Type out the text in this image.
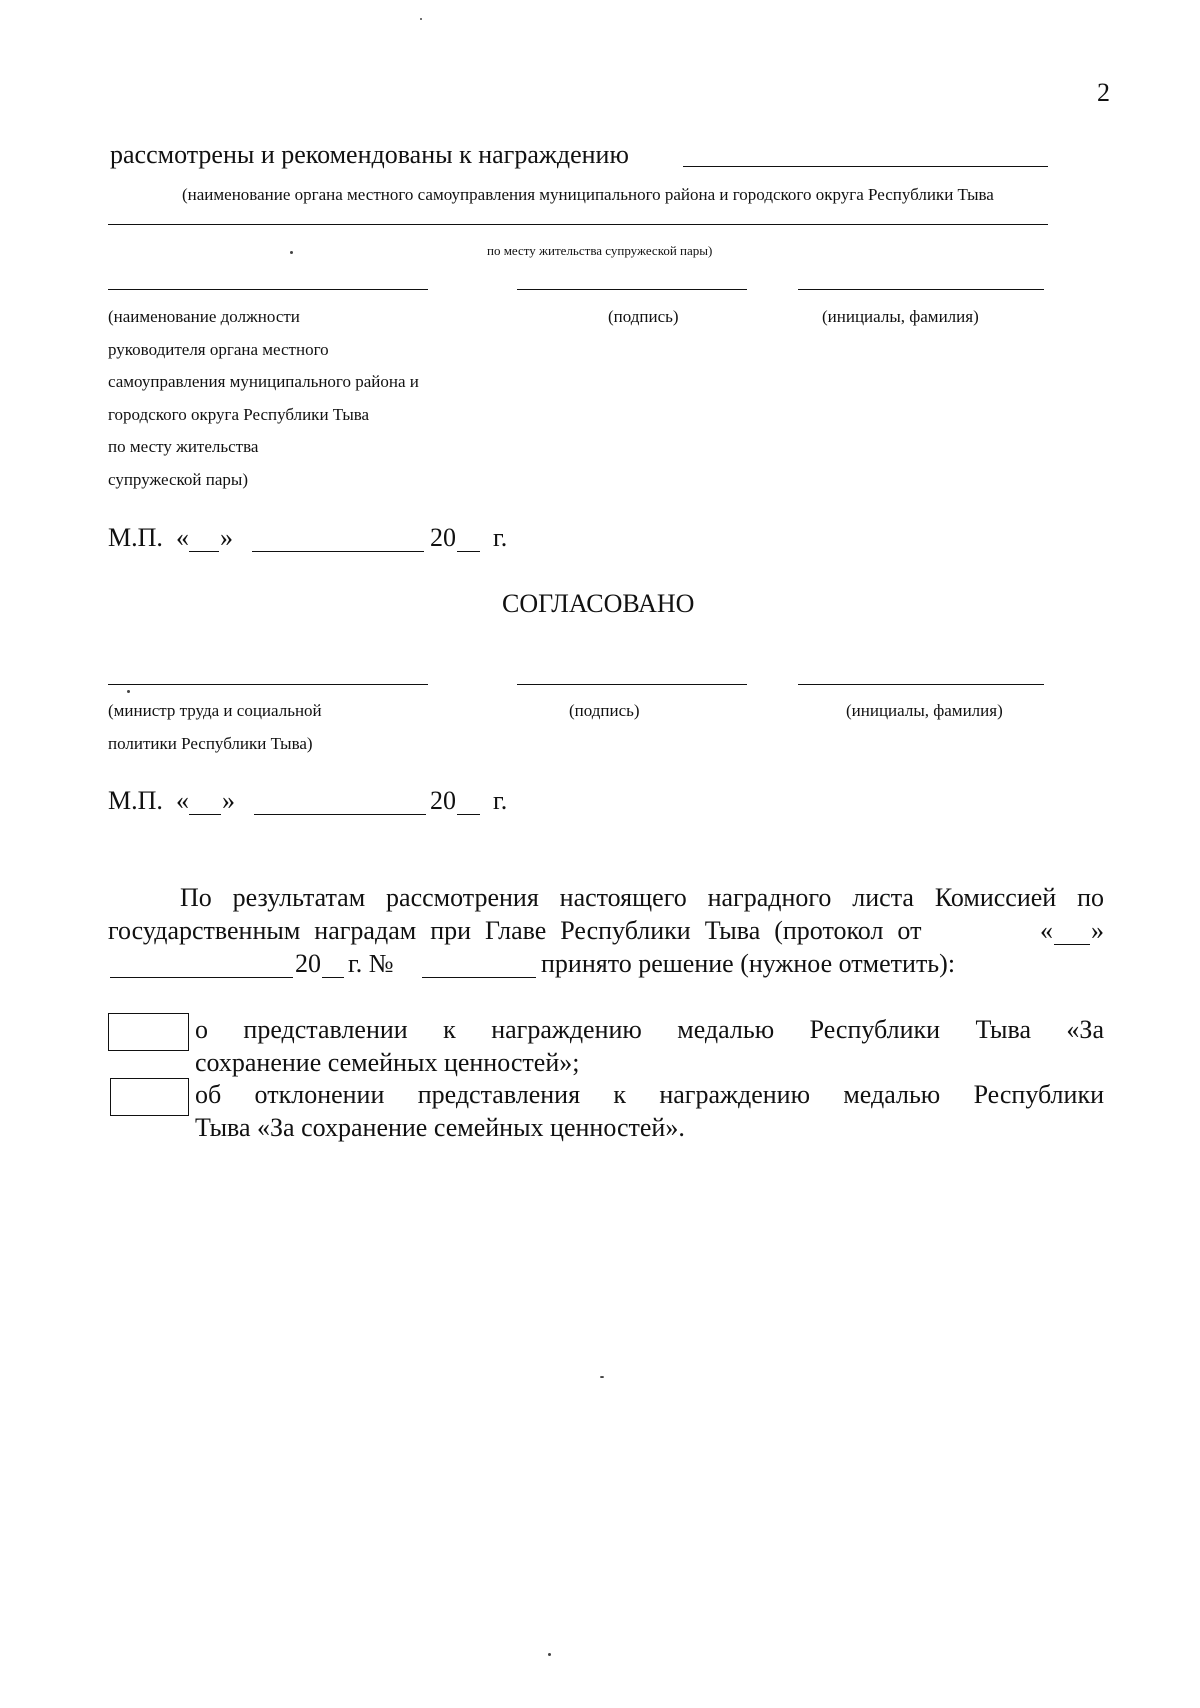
2
рассмотрены и рекомендованы к награждению
(наименование органа местного самоуправления муниципального района и городского округа Республики Тыва
по месту жительства супружеской пары)
(наименование должности
руководителя органа местного
самоуправления муниципального района и
городского округа Республики Тыва
по месту жительства
супружеской пары)
(подпись)	(инициалы, фамилия)
М.П. « »	20 г.
СОГЛАСОВАНО
(министр труда и социальной
политики Республики Тыва)
(подпись)	(инициалы, фамилия)
М.П. « »	20 г.
По результатам рассмотрения настоящего наградного листа Комиссией по
государственным наградам при Главе Республики Тыва (протокол от	« »
20 г. №	принято решение (нужное отметить):
о представлении к награждению медалью Республики Тыва «За
сохранение семейных ценностей»;
об отклонении представления к награждению медалью Республики
Тыва «За сохранение семейных ценностей».
